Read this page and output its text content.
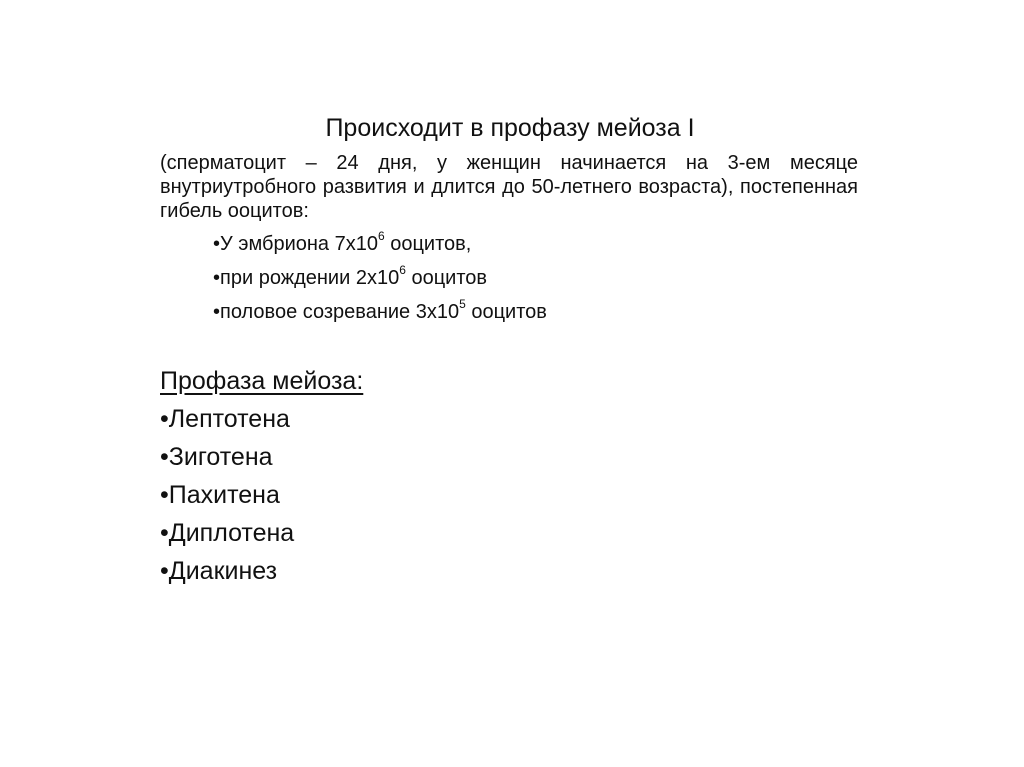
Происходит в профазу мейоза I
(сперматоцит – 24 дня, у женщин начинается на 3-ем месяце внутриутробного развития и длится до 50-летнего возраста), постепенная гибель ооцитов:
•У эмбриона $7х10^6$ ооцитов,
•при рождении $2х10^6$ ооцитов
•половое созревание $3х10^5$ ооцитов
Профаза мейоза:
•Лептотена
•Зиготена
•Пахитена
•Диплотена
•Диакинез
